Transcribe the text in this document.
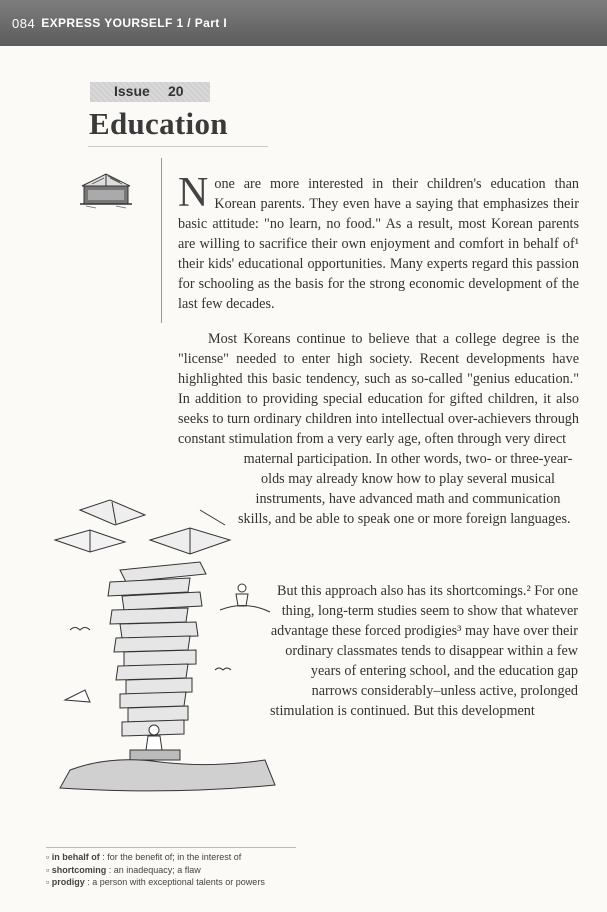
084 EXPRESS YOURSELF 1 / Part I
Issue 20
Education
N one are more interested in their children's education than Korean parents. They even have a saying that emphasizes their basic attitude: "no learn, no food." As a result, most Korean parents are willing to sacrifice their own enjoyment and comfort in behalf of¹ their kids' educational opportunities. Many experts regard this passion for schooling as the basis for the strong economic development of the last few decades.
Most Koreans continue to believe that a college degree is the "license" needed to enter high society. Recent developments have highlighted this basic tendency, such as so-called "genius education." In addition to providing special education for gifted children, it also seeks to turn ordinary children into intellectual over-achievers through constant stimulation from a very early age, often through very direct
maternal participation. In other words, two- or three-year-olds may already know how to play several musical instruments, have advanced math and communication skills, and be able to speak one or more foreign languages.
But this approach also has its shortcomings.² For one thing, long-term studies seem to show that whatever advantage these forced prodigies³ may have over their ordinary classmates tends to disappear within a few years of entering school, and the education gap narrows considerably–unless active, prolonged stimulation is continued. But this development
▫ in behalf of : for the benefit of; in the interest of
▫ shortcoming : an inadequacy; a flaw
▫ prodigy : a person with exceptional talents or powers
